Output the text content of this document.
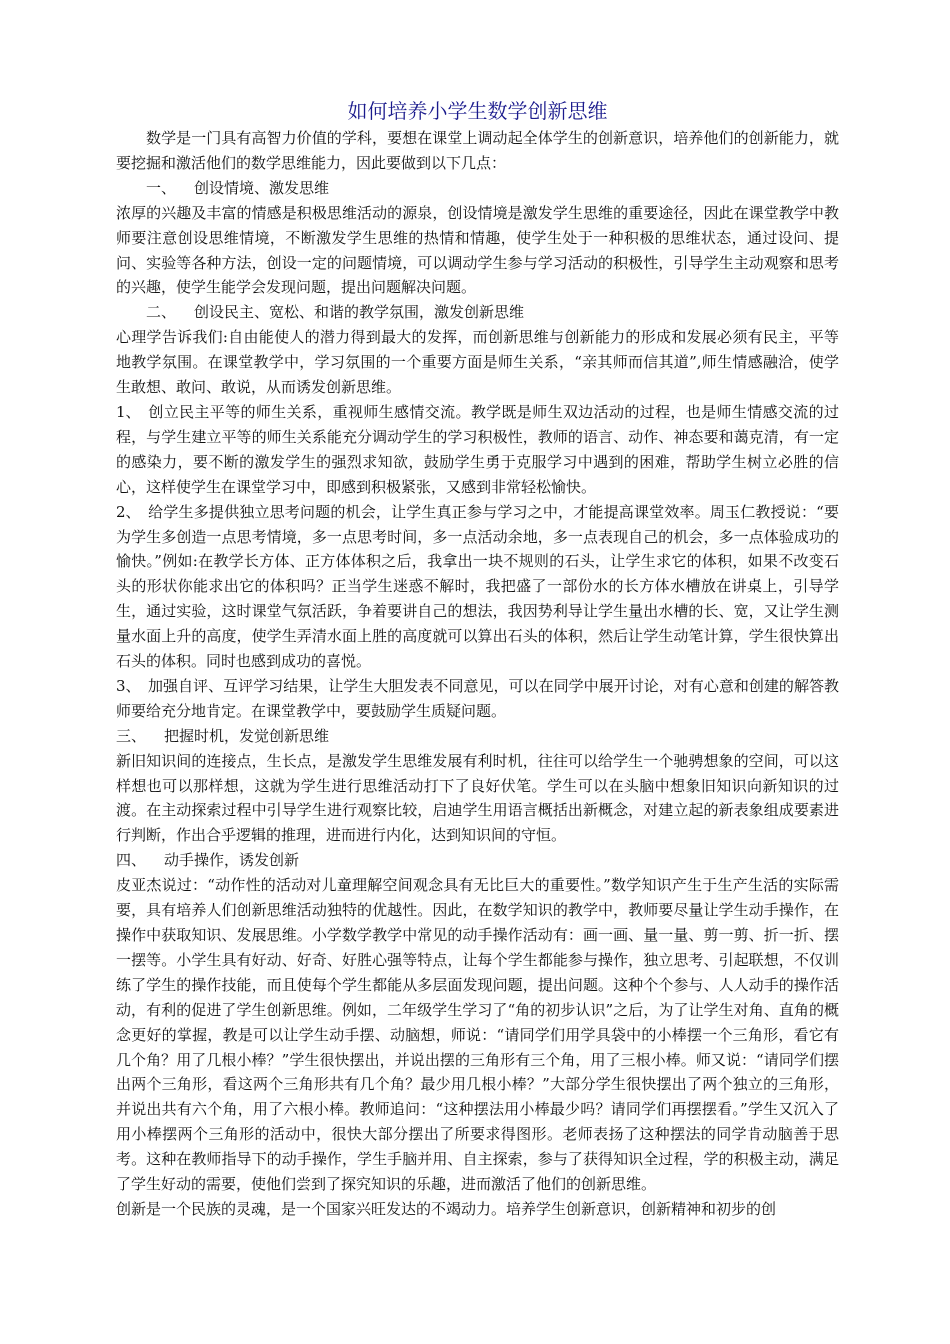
如何培养小学生数学创新思维

数学是一门具有高智力价值的学科，要想在课堂上调动起全体学生的创新意识，培养他们的创新能力，就要挖掘和激活他们的数学思维能力，因此要做到以下几点：

一、 创设情境、激发思维

浓厚的兴趣及丰富的情感是积极思维活动的源泉，创设情境是激发学生思维的重要途径，因此在课堂教学中教师要注意创设思维情境，不断激发学生思维的热情和情趣，使学生处于一种积极的思维状态，通过设问、提问、实验等各种方法，创设一定的问题情境，可以调动学生参与学习活动的积极性，引导学生主动观察和思考的兴趣，使学生能学会发现问题，提出问题解决问题。

二、 创设民主、宽松、和谐的教学氛围，激发创新思维

心理学告诉我们:自由能使人的潜力得到最大的发挥，而创新思维与创新能力的形成和发展必须有民主，平等地教学氛围。在课堂教学中，学习氛围的一个重要方面是师生关系，“亲其师而信其道”,师生情感融洽，使学生敢想、敢问、敢说，从而诱发创新思维。

1、 创立民主平等的师生关系，重视师生感情交流。教学既是师生双边活动的过程，也是师生情感交流的过程，与学生建立平等的师生关系能充分调动学生的学习积极性，教师的语言、动作、神态要和蔼克清，有一定的感染力，要不断的激发学生的强烈求知欲，鼓励学生勇于克服学习中遇到的困难，帮助学生树立必胜的信心，这样使学生在课堂学习中，即感到积极紧张，又感到非常轻松愉快。

2、 给学生多提供独立思考问题的机会，让学生真正参与学习之中，才能提高课堂效率。周玉仁教授说：“要为学生多创造一点思考情境，多一点思考时间，多一点活动余地，多一点表现自己的机会，多一点体验成功的愉快。”例如:在教学长方体、正方体体积之后，我拿出一块不规则的石头，让学生求它的体积，如果不改变石头的形状你能求出它的体积吗？正当学生迷惑不解时，我把盛了一部份水的长方体水槽放在讲桌上，引导学生，通过实验，这时课堂气氛活跃，争着要讲自己的想法，我因势利导让学生量出水槽的长、宽，又让学生测量水面上升的高度，使学生弄清水面上胜的高度就可以算出石头的体积，然后让学生动笔计算，学生很快算出石头的体积。同时也感到成功的喜悦。

3、 加强自评、互评学习结果，让学生大胆发表不同意见，可以在同学中展开讨论，对有心意和创建的解答教师要给充分地肯定。在课堂教学中，要鼓励学生质疑问题。

三、 把握时机，发觉创新思维

新旧知识间的连接点，生长点，是激发学生思维发展有利时机，往往可以给学生一个驰骋想象的空间，可以这样想也可以那样想，这就为学生进行思维活动打下了良好伏笔。学生可以在头脑中想象旧知识向新知识的过渡。在主动探索过程中引导学生进行观察比较，启迪学生用语言概括出新概念，对建立起的新表象组成要素进行判断，作出合乎逻辑的推理，进而进行内化，达到知识间的守恒。

四、 动手操作，诱发创新

皮亚杰说过：“动作性的活动对儿童理解空间观念具有无比巨大的重要性。”数学知识产生于生产生活的实际需要，具有培养人们创新思维活动独特的优越性。因此，在数学知识的教学中，教师要尽量让学生动手操作，在操作中获取知识、发展思维。小学数学教学中常见的动手操作活动有：画一画、量一量、剪一剪、折一折、摆一摆等。小学生具有好动、好奇、好胜心强等特点，让每个学生都能参与操作，独立思考、引起联想，不仅训练了学生的操作技能，而且使每个学生都能从多层面发现问题，提出问题。这种个个参与、人人动手的操作活动，有利的促进了学生创新思维。例如，二年级学生学习了“角的初步认识”之后，为了让学生对角、直角的概念更好的掌握，教是可以让学生动手摆、动脑想，师说：“请同学们用学具袋中的小棒摆一个三角形，看它有几个角？用了几根小棒？”学生很快摆出，并说出摆的三角形有三个角，用了三根小棒。师又说：“请同学们摆出两个三角形，看这两个三角形共有几个角？最少用几根小棒？”大部分学生很快摆出了两个独立的三角形，并说出共有六个角，用了六根小棒。教师追问：“这种摆法用小棒最少吗？请同学们再摆摆看。”学生又沉入了用小棒摆两个三角形的活动中，很快大部分摆出了所要求得图形。老师表扬了这种摆法的同学肯动脑善于思考。这种在教师指导下的动手操作，学生手脑并用、自主探索，参与了获得知识全过程，学的积极主动，满足了学生好动的需要，使他们尝到了探究知识的乐趣，进而激活了他们的创新思维。

创新是一个民族的灵魂，是一个国家兴旺发达的不竭动力。培养学生创新意识，创新精神和初步的创
